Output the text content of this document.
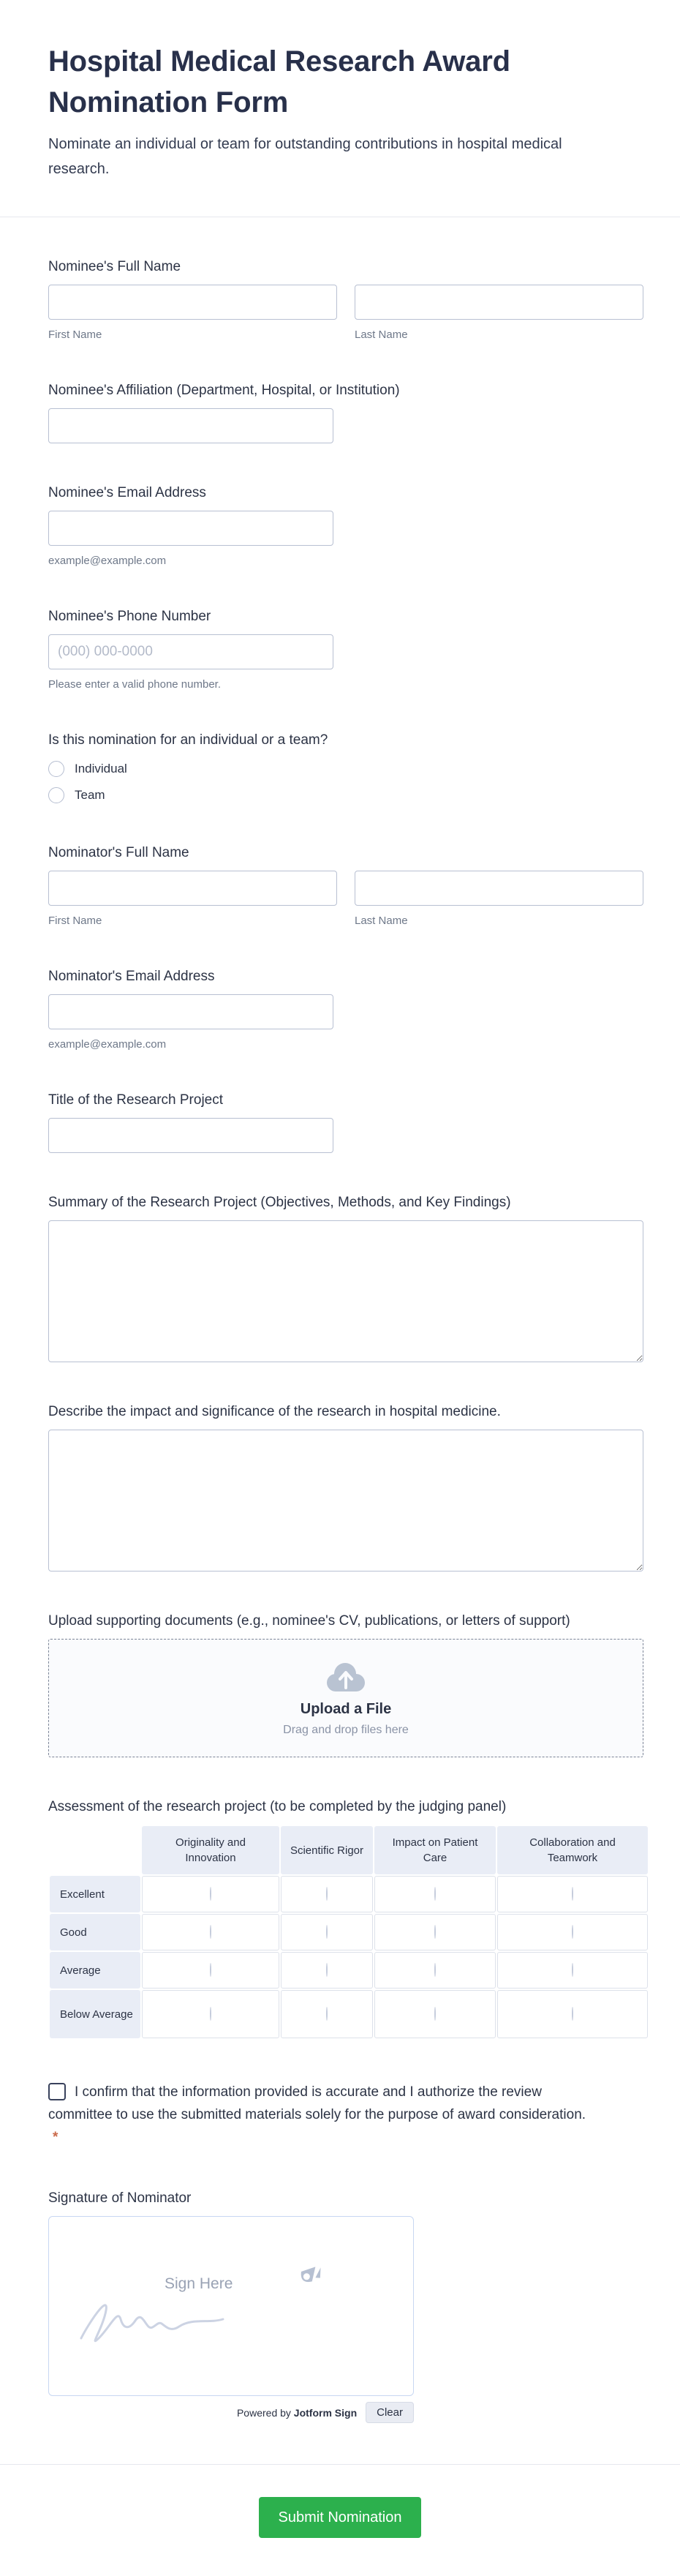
Hospital Medical Research Award Nomination Form

Nominate an individual or team for outstanding contributions in hospital medical research.

Nominee's Full Name
First Name	Last Name
Nominee's Affiliation (Department, Hospital, or Institution)
Nominee's Email Address
example@example.com
Nominee's Phone Number
(000) 000-0000
Please enter a valid phone number.
Is this nomination for an individual or a team?
Individual
Team
Nominator's Full Name
First Name	Last Name
Nominator's Email Address
example@example.com
Title of the Research Project
Summary of the Research Project (Objectives, Methods, and Key Findings)
Describe the impact and significance of the research in hospital medicine.
Upload supporting documents (e.g., nominee's CV, publications, or letters of support)
Upload a File
Drag and drop files here
Assessment of the research project (to be completed by the judging panel)
	Originality and Innovation	Scientific Rigor	Impact on Patient Care	Collaboration and Teamwork
Excellent				
Good				
Average				
Below Average				

I confirm that the information provided is accurate and I authorize the review committee to use the submitted materials solely for the purpose of award consideration. *

Signature of Nominator
Sign Here
Powered by Jotform Sign	Clear
Submit Nomination
